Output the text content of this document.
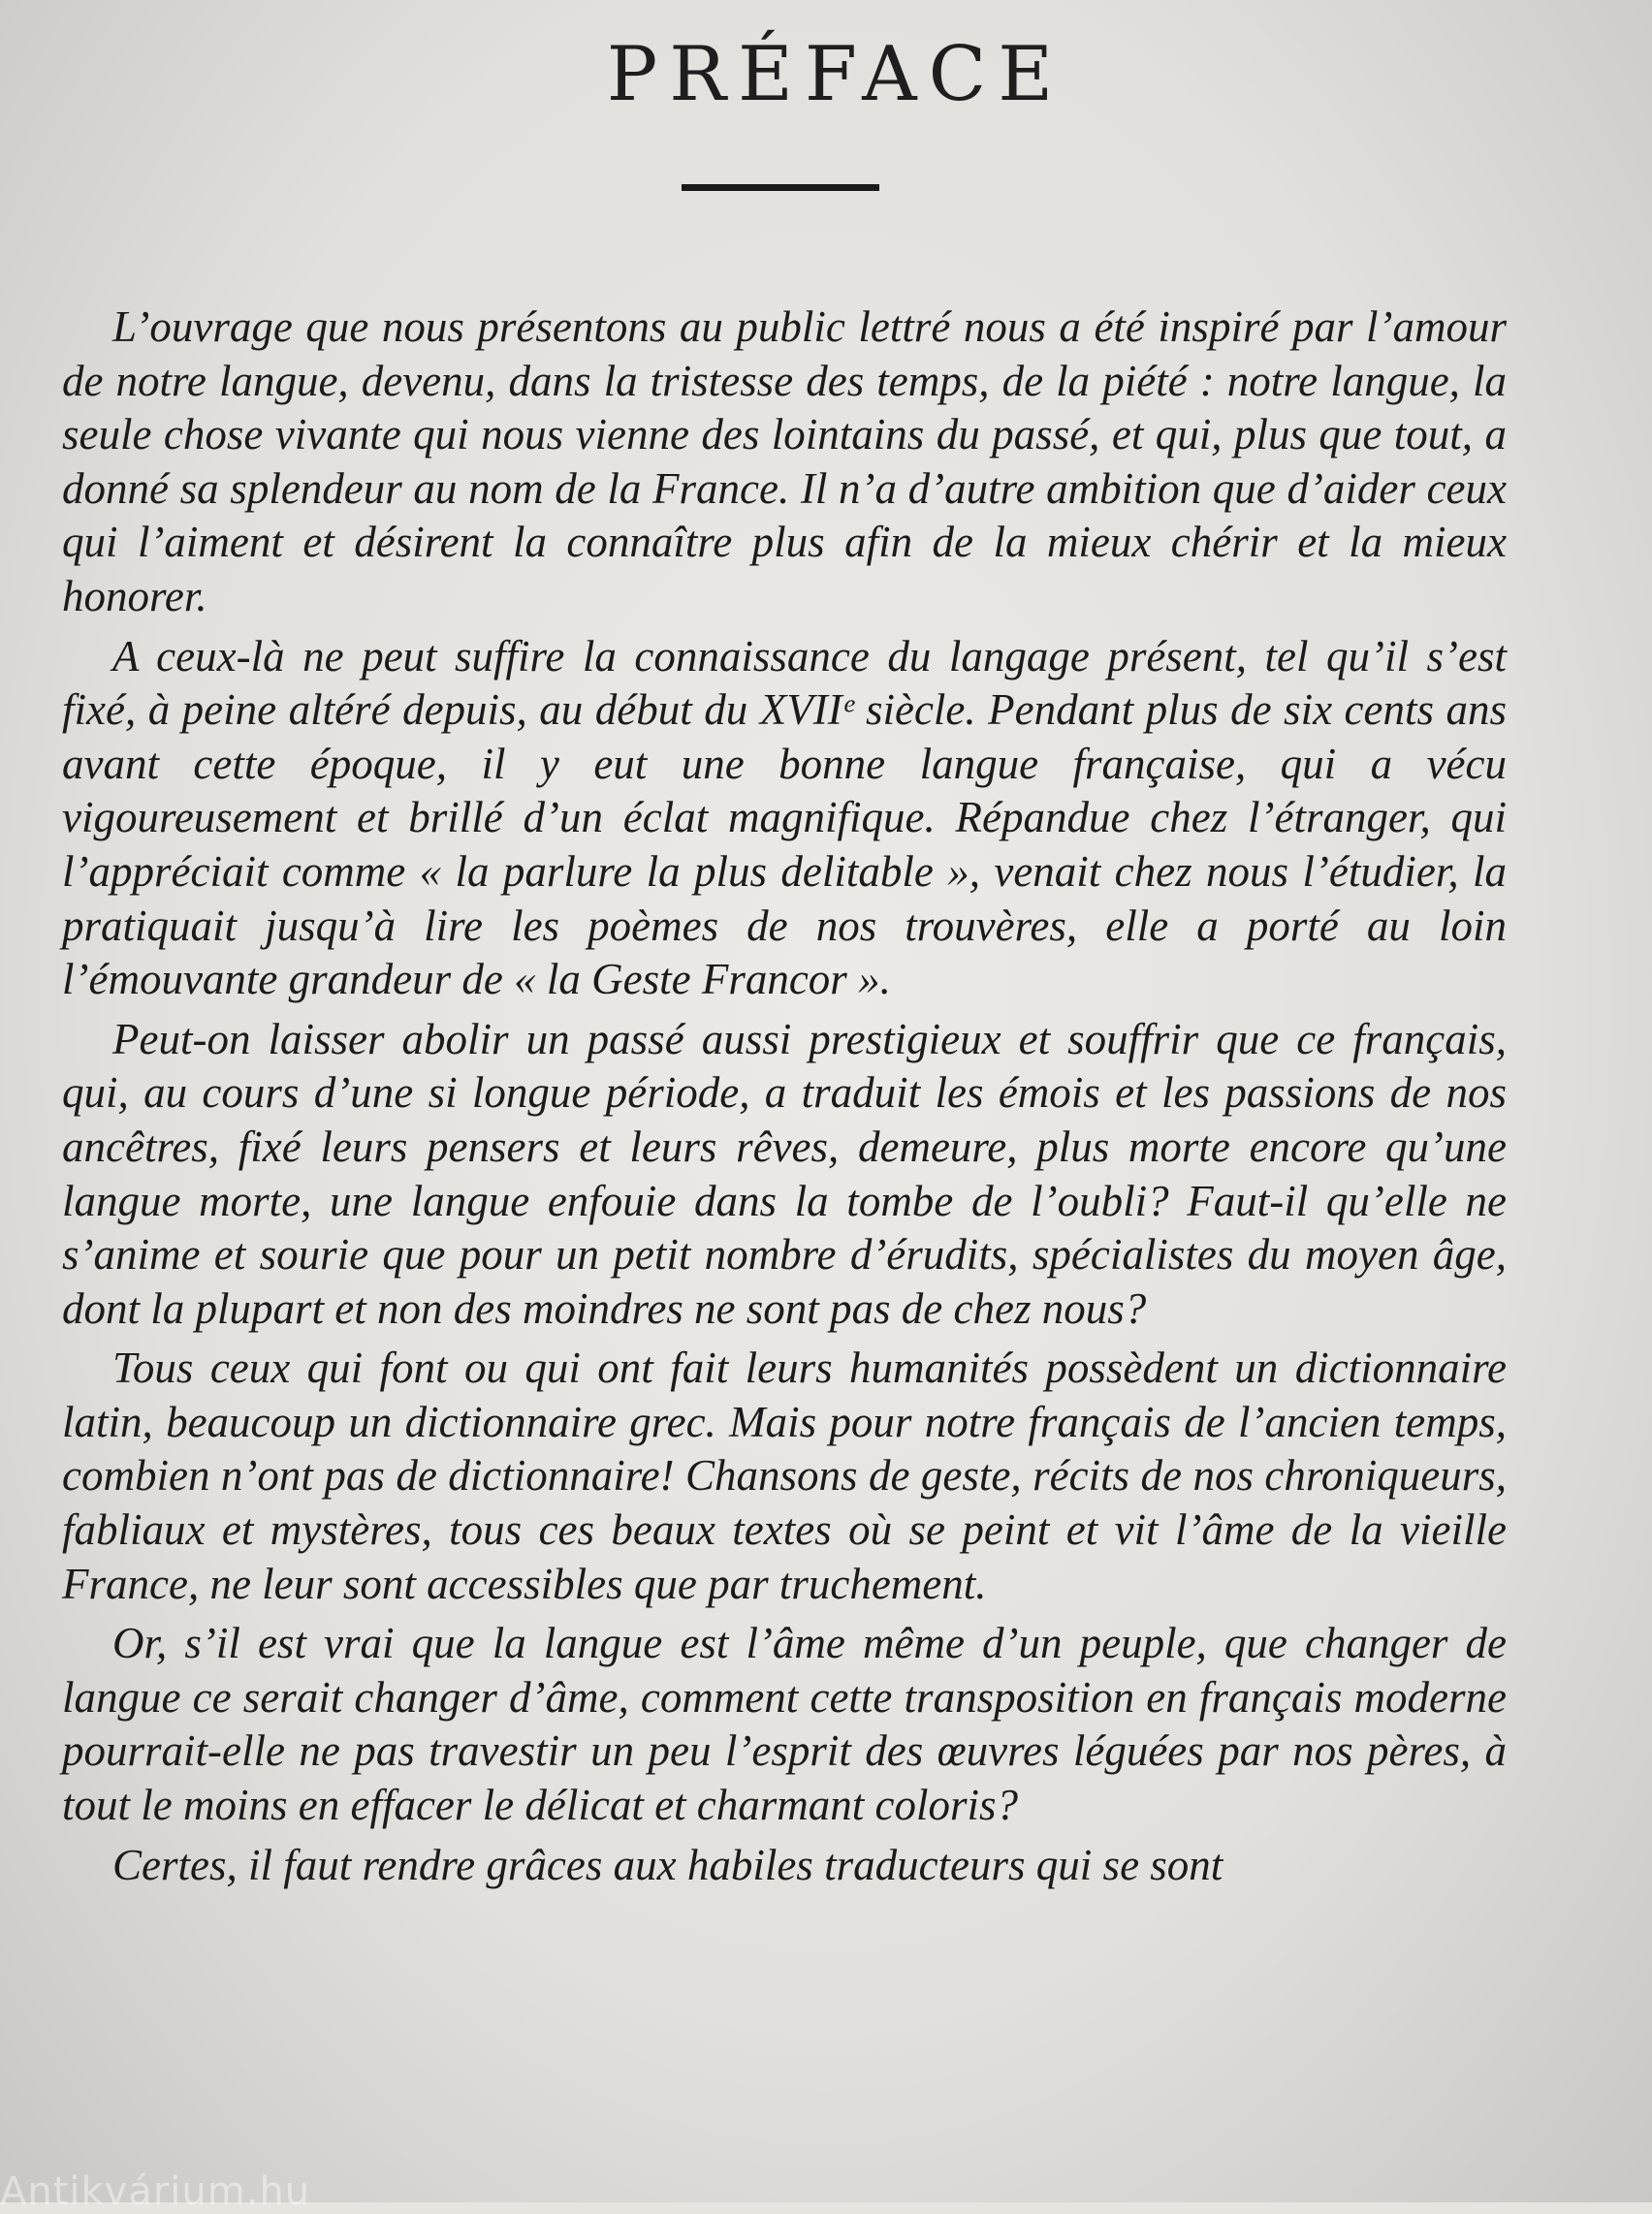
PRÉFACE

L’ouvrage que nous présentons au public lettré nous a été inspiré par l’amour de notre langue, devenu, dans la tristesse des temps, de la piété : notre langue, la seule chose vivante qui nous vienne des lointains du passé, et qui, plus que tout, a donné sa splendeur au nom de la France. Il n’a d’autre ambition que d’aider ceux qui l’aiment et désirent la connaître plus afin de la mieux chérir et la mieux honorer.

A ceux-là ne peut suffire la connaissance du langage présent, tel qu’il s’est fixé, à peine altéré depuis, au début du XVIIᵉ siècle. Pendant plus de six cents ans avant cette époque, il y eut une bonne langue française, qui a vécu vigoureusement et brillé d’un éclat magnifique. Répandue chez l’étranger, qui l’appréciait comme « la parlure la plus delitable », venait chez nous l’étudier, la pratiquait jusqu’à lire les poèmes de nos trouvères, elle a porté au loin l’émouvante grandeur de « la Geste Francor ».

Peut-on laisser abolir un passé aussi prestigieux et souffrir que ce français, qui, au cours d’une si longue période, a traduit les émois et les passions de nos ancêtres, fixé leurs pensers et leurs rêves, demeure, plus morte encore qu’une langue morte, une langue enfouie dans la tombe de l’oubli? Faut-il qu’elle ne s’anime et sourie que pour un petit nombre d’érudits, spécialistes du moyen âge, dont la plupart et non des moindres ne sont pas de chez nous?

Tous ceux qui font ou qui ont fait leurs humanités possèdent un dictionnaire latin, beaucoup un dictionnaire grec. Mais pour notre français de l’ancien temps, combien n’ont pas de dictionnaire! Chansons de geste, récits de nos chroniqueurs, fabliaux et mystères, tous ces beaux textes où se peint et vit l’âme de la vieille France, ne leur sont accessibles que par truchement.

Or, s’il est vrai que la langue est l’âme même d’un peuple, que changer de langue ce serait changer d’âme, comment cette transposition en français moderne pourrait-elle ne pas travestir un peu l’esprit des œuvres léguées par nos pères, à tout le moins en effacer le délicat et charmant coloris?

Certes, il faut rendre grâces aux habiles traducteurs qui se sont

Antikvárium.hu
